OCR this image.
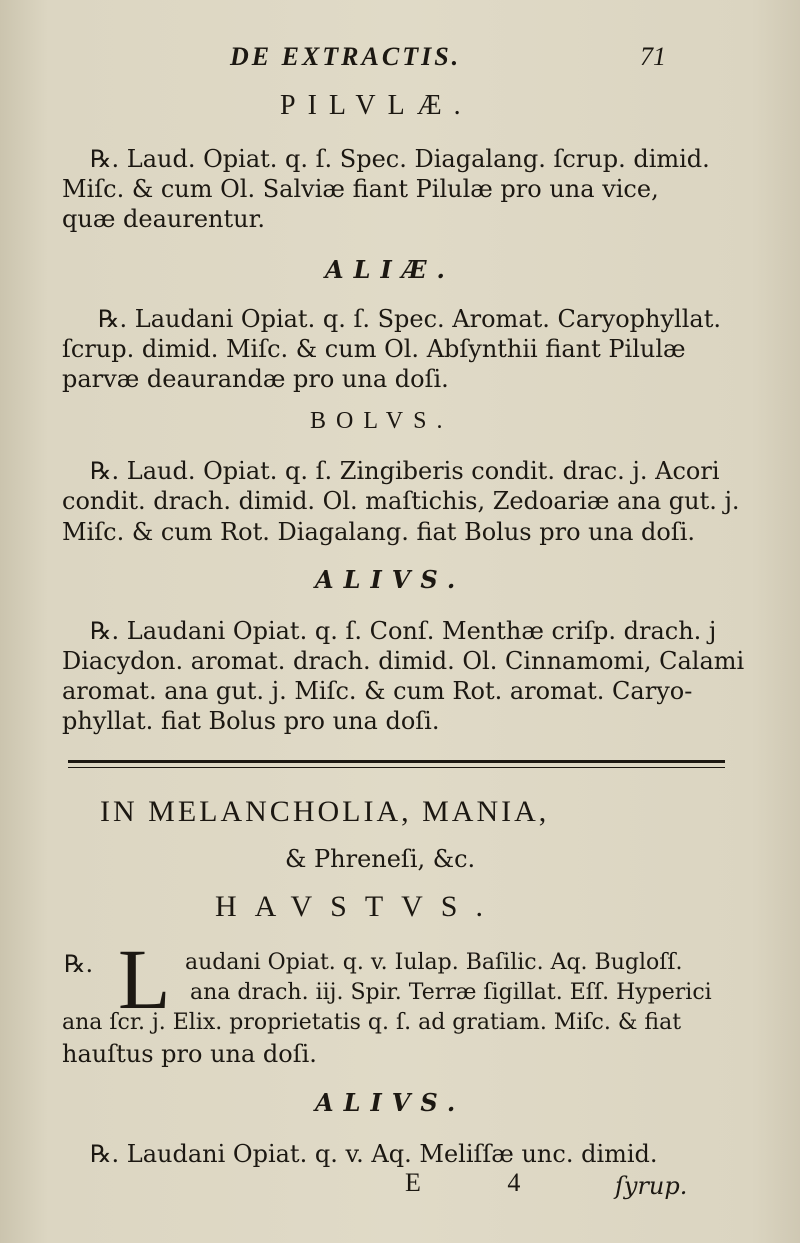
DE EXTRACTIS.	71
PILVLÆ.
℞. Laud. Opiat. q. ſ. Spec. Diagalang. ſcrup. dimid.
Miſc. & cum Ol. Salviæ fiant Pilulæ pro una vice,
quæ deaurentur.
ALIÆ.
℞. Laudani Opiat. q. ſ. Spec. Aromat. Caryophyllat.
ſcrup. dimid. Miſc. & cum Ol. Abſynthii fiant Pilulæ
parvæ deaurandæ pro una doſi.
BOLVS.
℞. Laud. Opiat. q. ſ. Zingiberis condit. drac. j. Acori
condit. drach. dimid. Ol. maſtichis, Zedoariæ ana gut. j.
Miſc. & cum Rot. Diagalang. fiat Bolus pro una doſi.
ALIVS.
℞. Laudani Opiat. q. ſ. Conſ. Menthæ criſp. drach. j
Diacydon. aromat. drach. dimid. Ol. Cinnamomi, Calami
aromat. ana gut. j. Miſc. & cum Rot. aromat. Caryo-
phyllat. fiat Bolus pro una doſi.
IN MELANCHOLIA, MANIA,
& Phreneſi, &c.
HAVSTVS.
℞. L audani Opiat. q. v. Iulap. Baſilic. Aq. Bugloſſ.
ana drach. iij. Spir. Terræ ſigillat. Eſſ. Hyperici
ana ſcr. j. Elix. proprietatis q. ſ. ad gratiam. Miſc. & fiat
hauſtus pro una doſi.
ALIVS.
℞. Laudani Opiat. q. v. Aq. Meliſſæ unc. dimid.
E 4 ſyrup.
